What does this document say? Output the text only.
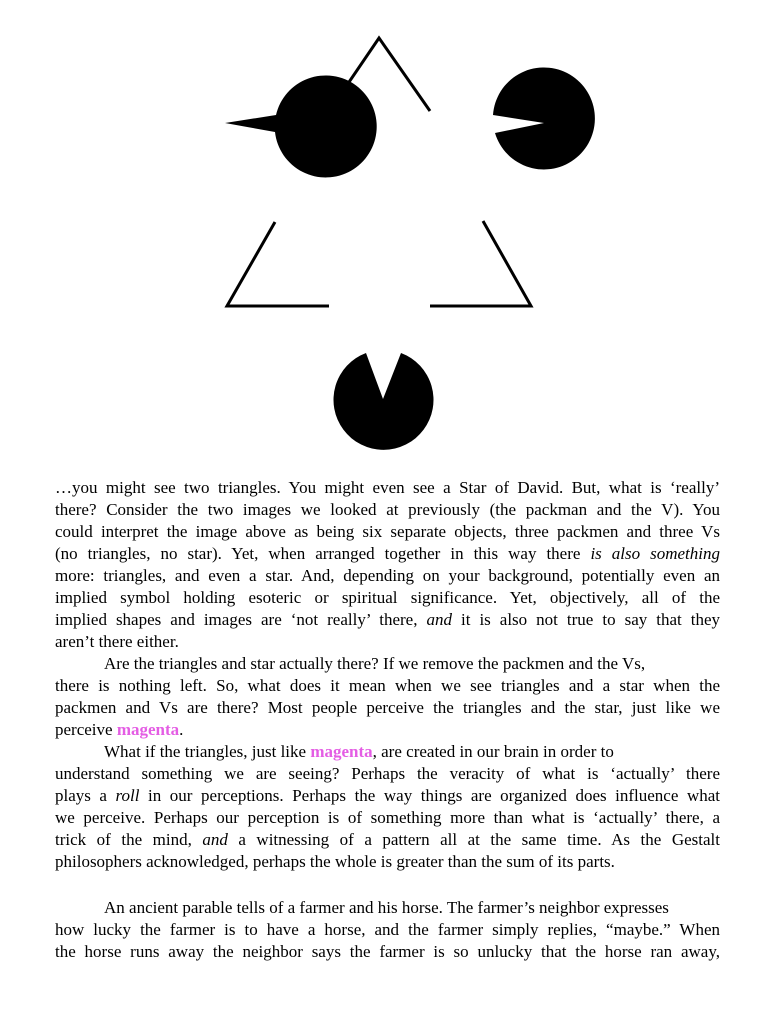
…you might see two triangles. You might even see a Star of David. But, what is ‘really’
there? Consider the two images we looked at previously (the packman and the V). You
could interpret the image above as being six separate objects, three packmen and three Vs
(no triangles, no star). Yet, when arranged together in this way there is also something
more: triangles, and even a star. And, depending on your background, potentially even an
implied symbol holding esoteric or spiritual significance. Yet, objectively, all of the
implied shapes and images are ‘not really’ there, and it is also not true to say that they
aren’t there either.
Are the triangles and star actually there? If we remove the packmen and the Vs,
there is nothing left. So, what does it mean when we see triangles and a star when the
packmen and Vs are there? Most people perceive the triangles and the star, just like we
perceive magenta.
What if the triangles, just like magenta, are created in our brain in order to
understand something we are seeing? Perhaps the veracity of what is ‘actually’ there
plays a roll in our perceptions. Perhaps the way things are organized does influence what
we perceive. Perhaps our perception is of something more than what is ‘actually’ there, a
trick of the mind, and a witnessing of a pattern all at the same time. As the Gestalt
philosophers acknowledged, perhaps the whole is greater than the sum of its parts.
An ancient parable tells of a farmer and his horse. The farmer’s neighbor expresses
how lucky the farmer is to have a horse, and the farmer simply replies, “maybe.” When
the horse runs away the neighbor says the farmer is so unlucky that the horse ran away,
